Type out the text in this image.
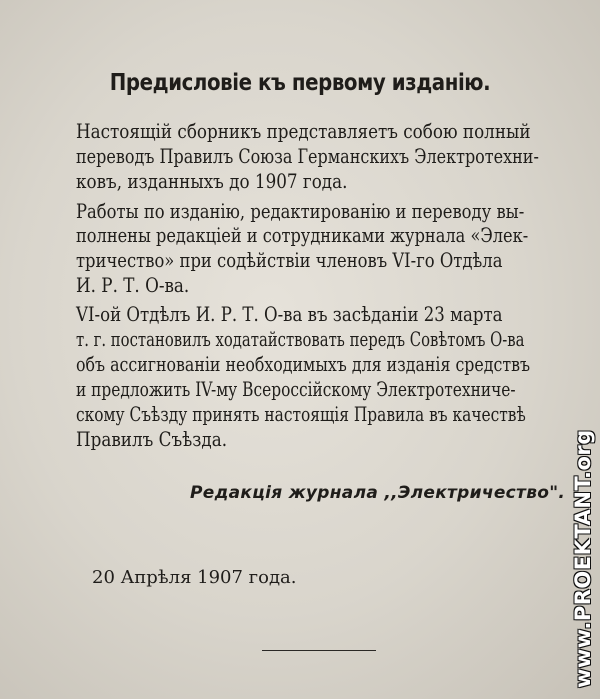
Предисловіе къ первому изданію.
Настоящій сборникъ представляетъ собою полный
переводъ Правилъ Союза Германскихъ Электротехни-
ковъ, изданныхъ до 1907 года.
Работы по изданію, редактированію и переводу вы-
полнены редакціей и сотрудниками журнала «Элек-
тричество» при содѣйствіи членовъ VI-го Отдѣла
И. Р. Т. О-ва.
VI-ой Отдѣлъ И. Р. Т. О-ва въ засѣданіи 23 марта
т. г. постановилъ ходатайствовать передъ Совѣтомъ О-ва
объ ассигнованіи необходимыхъ для изданія средствъ
и предложить IV-му Всероссійскому Электротехниче-
скому Съѣзду принять настоящія Правила въ качествѣ
Правилъ Съѣзда.
Редакція журнала ,,Электричество".
20 Апрѣля 1907 года.	www.PROEKTANT.org
